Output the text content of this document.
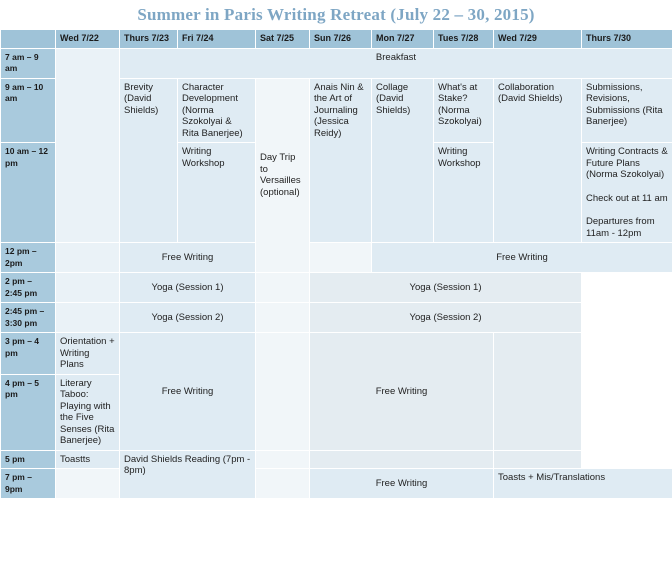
Summer in Paris Writing Retreat (July 22 – 30, 2015)
	Wed 7/22	Thurs 7/23	Fri 7/24	Sat 7/25	Sun 7/26	Mon 7/27	Tues 7/28	Wed 7/29	Thurs 7/30	
7 am – 9 am		Breakfast								
9 am – 10 am		Brevity (David Shields)	Character Development (Norma Szokolyai & Rita Banerjee)	Day Trip to Versailles (optional)	Anais Nin & the Art of Journaling (Jessica Reidy)	Collage (David Shields)	What's at Stake? (Norma Szokolyai)	Collaboration (David Shields)	Submissions, Revisions, Submissions (Rita Banerjee)	
10 am – 12 pm			Writing Workshop				Writing Workshop		Writing Contracts & Future Plans (Norma Szokolyai)
Check out at 11 am
Departures from 11am - 12pm	

12 pm – 2pm		Free Writing				Free Writing				
2 pm – 2:45 pm		Yoga (Session 1)			Yoga (Session 1)					
2:45 pm – 3:30 pm		Yoga (Session 2)			Yoga (Session 2)					
3 pm – 4 pm	Orientation + Writing Plans	Free Writing			Free Writing					
4 pm – 5 pm	Literary Taboo: Playing with the Five Senses (Rita Banerjee)									
5 pm	Toastts	David Shields Reading (7pm - 8pm)								
7 pm – 9pm					Free Writing			Toasts + Mis/Translations		
